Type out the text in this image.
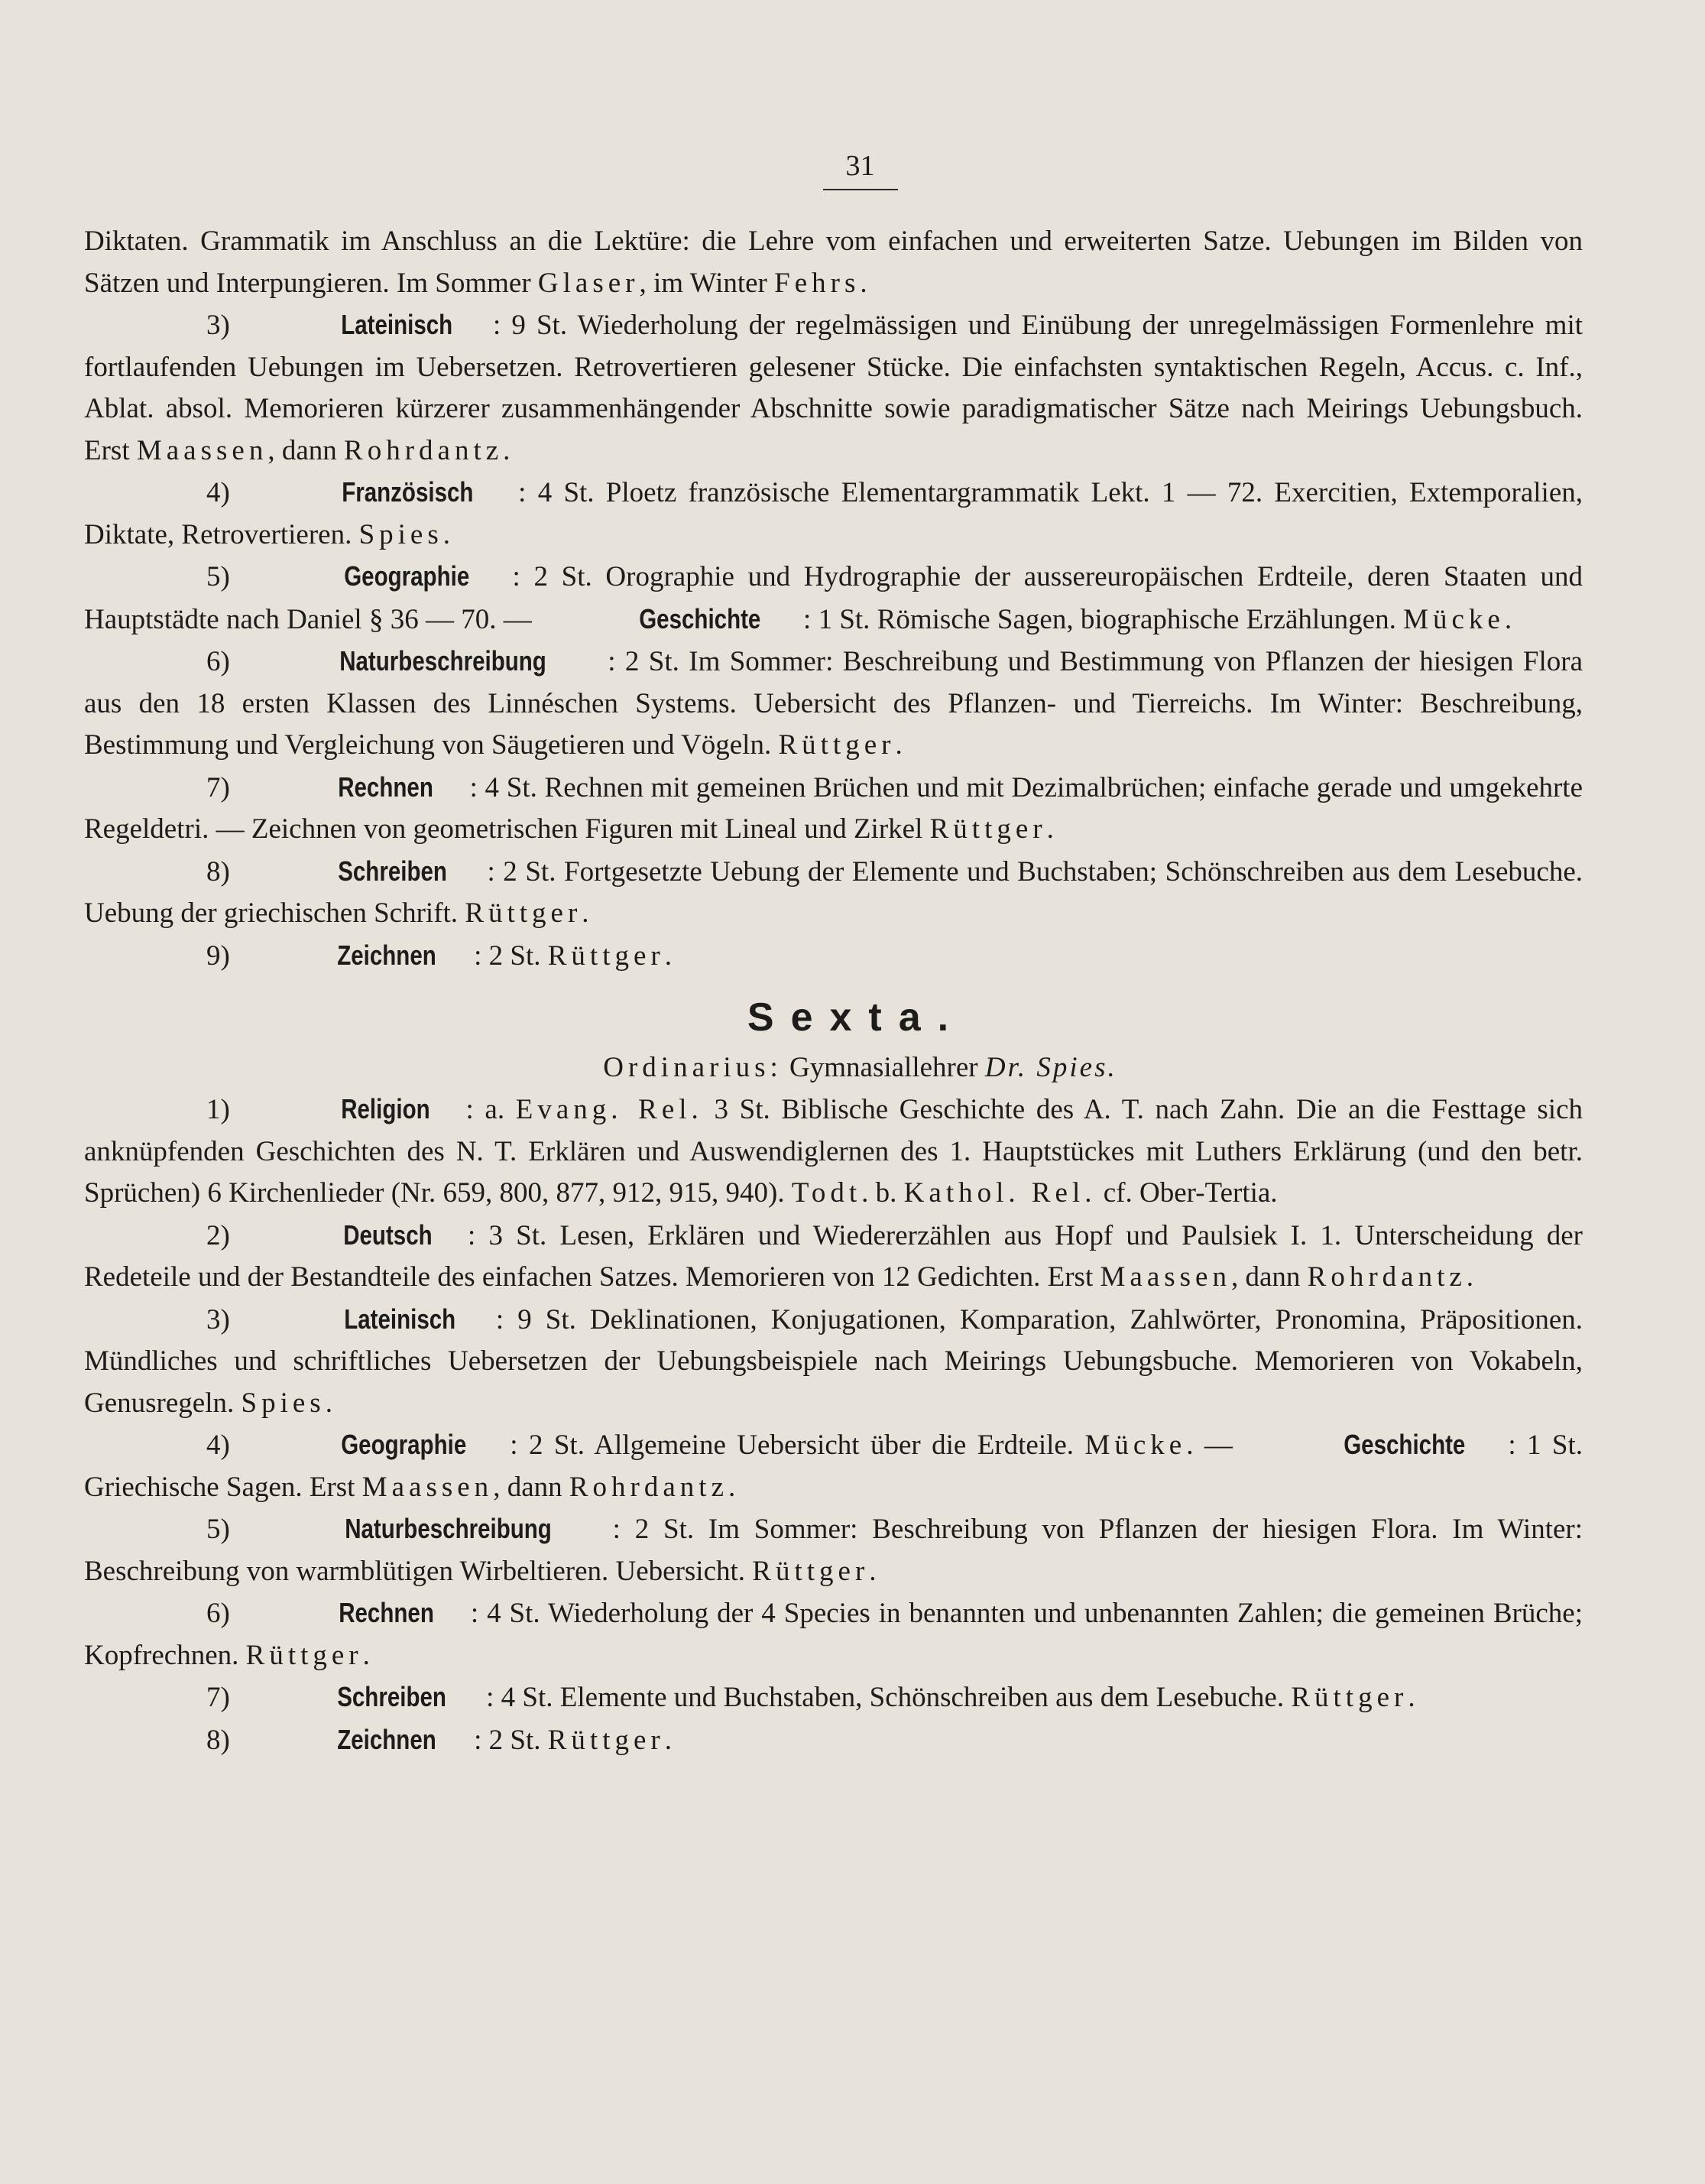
31

Diktaten. Grammatik im Anschluss an die Lektüre: die Lehre vom einfachen und erweiterten Satze. Uebungen im Bilden von Sätzen und Interpungieren. Im Sommer Glaser, im Winter Fehrs.

3)	Lateinisch : 9 St. Wiederholung der regelmässigen und Einübung der unregelmässigen Formenlehre mit fortlaufenden Uebungen im Uebersetzen. Retrovertieren gelesener Stücke. Die einfachsten syntaktischen Regeln, Accus. c. Inf., Ablat. absol. Memorieren kürzerer zusammenhängender Abschnitte sowie paradigmatischer Sätze nach Meirings Uebungsbuch. Erst Maassen, dann Rohrdantz.

4)	Französisch : 4 St. Ploetz französische Elementargrammatik Lekt. 1 — 72. Exercitien, Extemporalien, Diktate, Retrovertieren. Spies.

5)	Geographie : 2 St. Orographie und Hydrographie der aussereuropäischen Erdteile, deren Staaten und Hauptstädte nach Daniel § 36 — 70. —	Geschichte : 1 St. Römische Sagen, biographische Erzählungen. Mücke.

6)	Naturbeschreibung : 2 St. Im Sommer: Beschreibung und Bestimmung von Pflanzen der hiesigen Flora aus den 18 ersten Klassen des Linnéschen Systems. Uebersicht des Pflanzen- und Tierreichs. Im Winter: Beschreibung, Bestimmung und Vergleichung von Säugetieren und Vögeln. Rüttger.

7)	Rechnen : 4 St. Rechnen mit gemeinen Brüchen und mit Dezimalbrüchen; einfache gerade und umgekehrte Regeldetri. — Zeichnen von geometrischen Figuren mit Lineal und Zirkel Rüttger.

8)	Schreiben : 2 St. Fortgesetzte Uebung der Elemente und Buchstaben; Schönschreiben aus dem Lesebuche. Uebung der griechischen Schrift. Rüttger.

9)	Zeichnen : 2 St. Rüttger.

Sexta.
Ordinarius: Gymnasiallehrer Dr. Spies.

1)	Religion : a. Evang. Rel. 3 St. Biblische Geschichte des A. T. nach Zahn. Die an die Festtage sich anknüpfenden Geschichten des N. T. Erklären und Auswendiglernen des 1. Hauptstückes mit Luthers Erklärung (und den betr. Sprüchen) 6 Kirchenlieder (Nr. 659, 800, 877, 912, 915, 940). Todt. b. Kathol. Rel. cf. Ober-Tertia.

2)	Deutsch : 3 St. Lesen, Erklären und Wiedererzählen aus Hopf und Paulsiek I. 1. Unterscheidung der Redeteile und der Bestandteile des einfachen Satzes. Memorieren von 12 Gedichten. Erst Maassen, dann Rohrdantz.

3)	Lateinisch : 9 St. Deklinationen, Konjugationen, Komparation, Zahlwörter, Pronomina, Präpositionen. Mündliches und schriftliches Uebersetzen der Uebungsbeispiele nach Meirings Uebungsbuche. Memorieren von Vokabeln, Genusregeln. Spies.

4)	Geographie : 2 St. Allgemeine Uebersicht über die Erdteile. Mücke. —	Geschichte : 1 St. Griechische Sagen. Erst Maassen, dann Rohrdantz.

5)	Naturbeschreibung : 2 St. Im Sommer: Beschreibung von Pflanzen der hiesigen Flora. Im Winter: Beschreibung von warmblütigen Wirbeltieren. Uebersicht. Rüttger.

6)	Rechnen : 4 St. Wiederholung der 4 Species in benannten und unbenannten Zahlen; die gemeinen Brüche; Kopfrechnen. Rüttger.

7)	Schreiben : 4 St. Elemente und Buchstaben, Schönschreiben aus dem Lesebuche. Rüttger.

8)	Zeichnen : 2 St. Rüttger.
